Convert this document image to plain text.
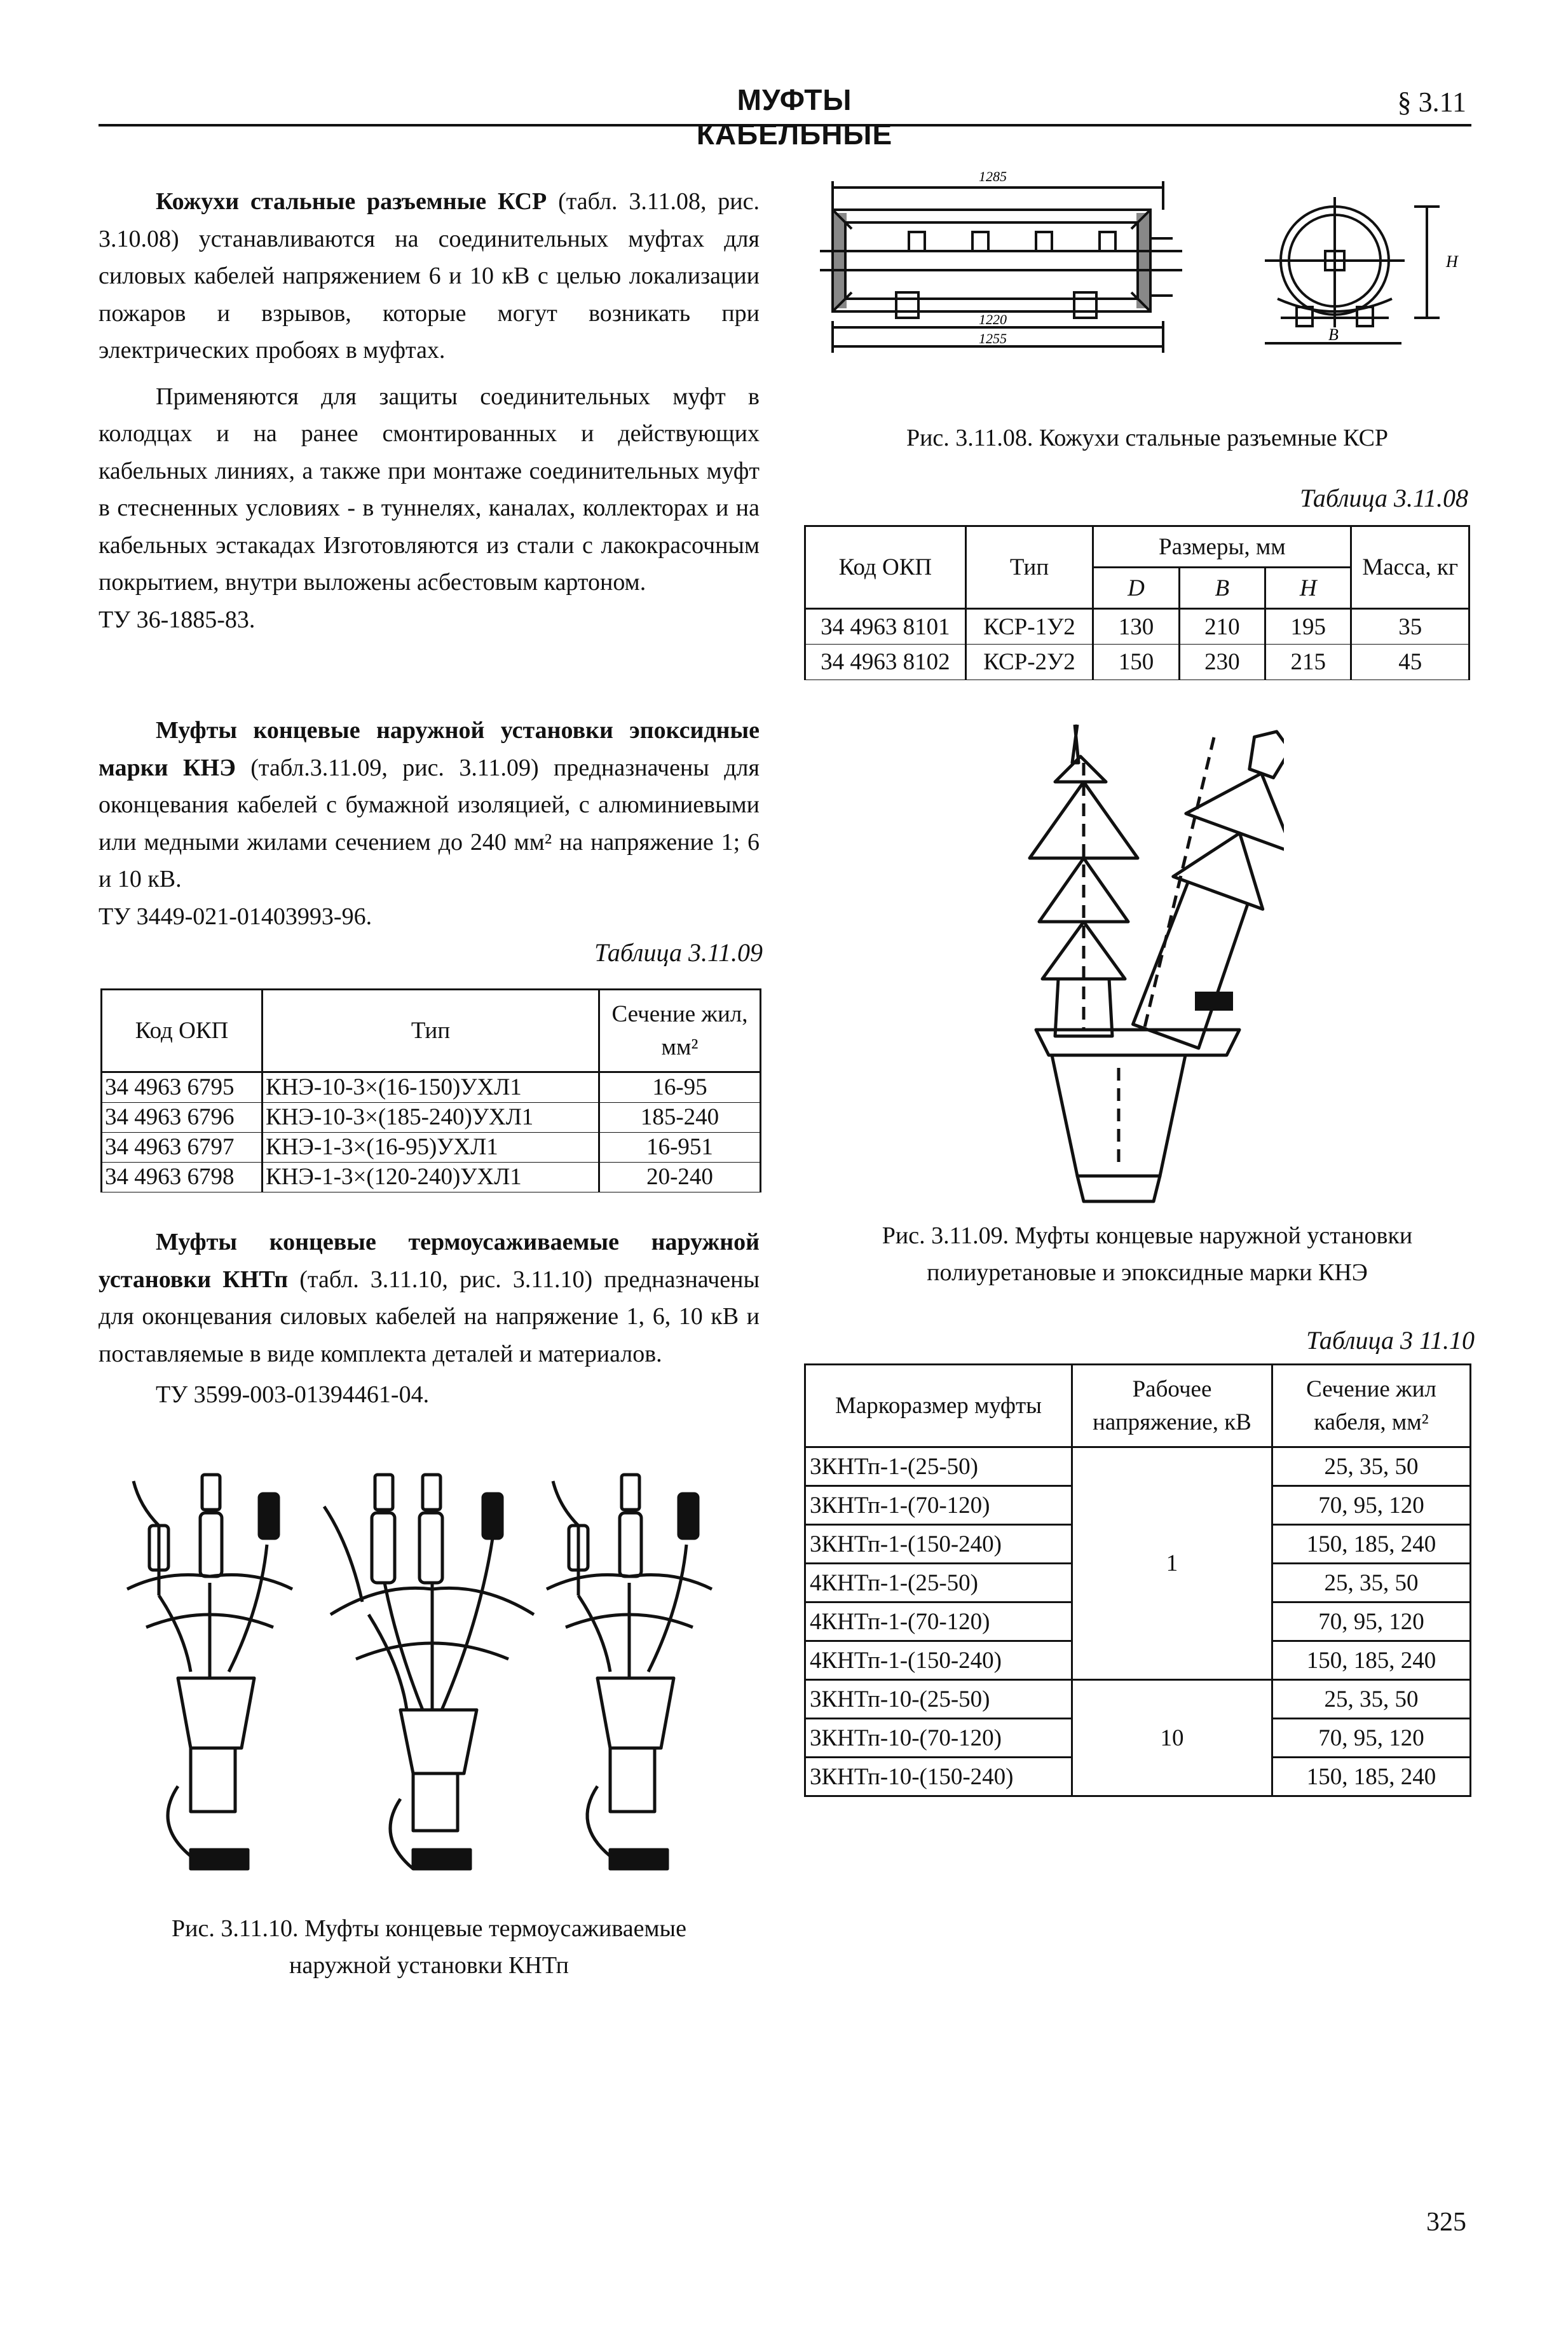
МУФТЫ КАБЕЛЬНЫЕ
§ 3.11

Кожухи стальные разъемные КСР (табл. 3.11.08, рис. 3.10.08) устанавливаются на соединительных муфтах для силовых кабелей напряжением 6 и 10 кВ с целью локализации пожаров и взрывов, которые могут возникать при электрических пробоях в муфтах.

Применяются для защиты соединительных муфт в колодцах и на ранее смонтированных и действующих кабельных линиях, а также при монтаже соединительных муфт в стесненных условиях - в туннелях, каналах, коллекторах и на кабельных эстакадах Изготовляются из стали с лакокрасочным покрытием, внутри выложены асбестовым картоном.

ТУ 36-1885-83.

Муфты концевые наружной установки эпоксидные марки КНЭ (табл.3.11.09, рис. 3.11.09) предназначены для оконцевания кабелей с бумажной изоляцией, с алюминиевыми или медными жилами сечением до 240 мм² на напряжение 1; 6 и 10 кВ.

ТУ 3449-021-01403993-96.

Таблица 3.11.09
Код ОКП	Тип	Сечение жил, мм²
34 4963 6795	КНЭ-10-3×(16-150)УХЛ1	16-95
34 4963 6796	КНЭ-10-3×(185-240)УХЛ1	185-240
34 4963 6797	КНЭ-1-3×(16-95)УХЛ1	16-951
34 4963 6798	КНЭ-1-3×(120-240)УХЛ1	20-240

Муфты концевые термоусаживаемые наружной установки КНТп (табл. 3.11.10, рис. 3.11.10) предназначены для оконцевания силовых кабелей на напряжение 1, 6, 10 кВ и поставляемые в виде комплекта деталей и материалов.

ТУ 3599-003-01394461-04.

Рис. 3.11.10. Муфты концевые термоусаживаемые
наружной установки КНТп
1285
1220
1255
H
B
Рис. 3.11.08. Кожухи стальные разъемные КСР
Таблица 3.11.08
Код ОКП	Тип	Размеры, мм			Масса, кг
		D	B	H	
34 4963 8101	КСР-1У2	130	210	195	35
34 4963 8102	КСР-2У2	150	230	215	45
Рис. 3.11.09. Муфты концевые наружной установки
полиуретановые и эпоксидные марки КНЭ
Таблица 3 11.10
Маркоразмер муфты	Рабочее напряжение, кВ	Сечение жил кабеля, мм²
3КНТп-1-(25-50)	1	25, 35, 50
3КНТп-1-(70-120)		70, 95, 120
3КНТп-1-(150-240)		150, 185, 240
4КНТп-1-(25-50)		25, 35, 50
4КНТп-1-(70-120)		70, 95, 120
4КНТп-1-(150-240)		150, 185, 240
3КНТп-10-(25-50)	10	25, 35, 50
3КНТп-10-(70-120)		70, 95, 120
3КНТп-10-(150-240)		150, 185, 240
325
